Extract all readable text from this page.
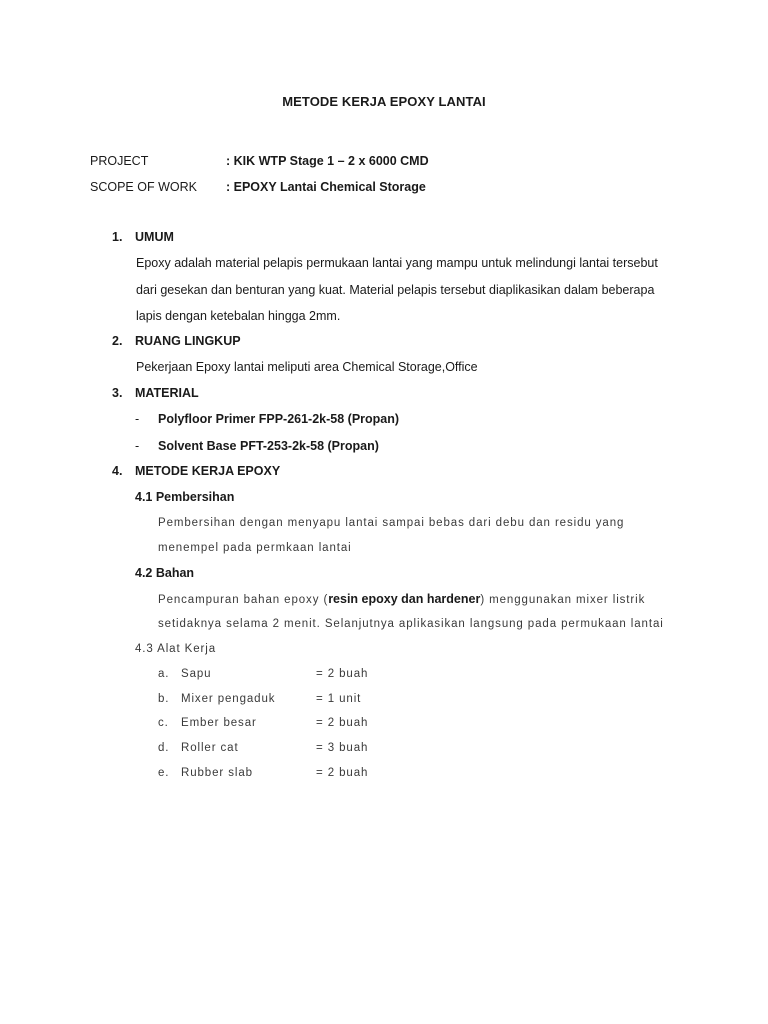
METODE KERJA EPOXY LANTAI
PROJECT	: KIK WTP Stage 1 – 2 x 6000 CMD
SCOPE OF WORK : EPOXY Lantai Chemical Storage
1. UMUM
Epoxy adalah material pelapis permukaan lantai yang mampu untuk melindungi lantai tersebut
dari gesekan dan benturan yang kuat. Material pelapis tersebut diaplikasikan dalam beberapa
lapis dengan ketebalan hingga 2mm.
2. RUANG LINGKUP
Pekerjaan Epoxy lantai meliputi area Chemical Storage,Office
3. MATERIAL
- Polyfloor Primer FPP-261-2k-58 (Propan)
- Solvent Base PFT-253-2k-58 (Propan)
4. METODE KERJA EPOXY
4.1 Pembersihan
Pembersihan dengan menyapu lantai sampai bebas dari debu dan residu yang
menempel pada permkaan lantai
4.2 Bahan
Pencampuran bahan epoxy (resin epoxy dan hardener) menggunakan mixer listrik
setidaknya selama 2 menit. Selanjutnya aplikasikan langsung pada permukaan lantai
4.3 Alat Kerja
a. Sapu	= 2 buah
b. Mixer pengaduk	= 1 unit
c. Ember besar	= 2 buah
d. Roller cat	= 3 buah
e. Rubber slab	= 2 buah
